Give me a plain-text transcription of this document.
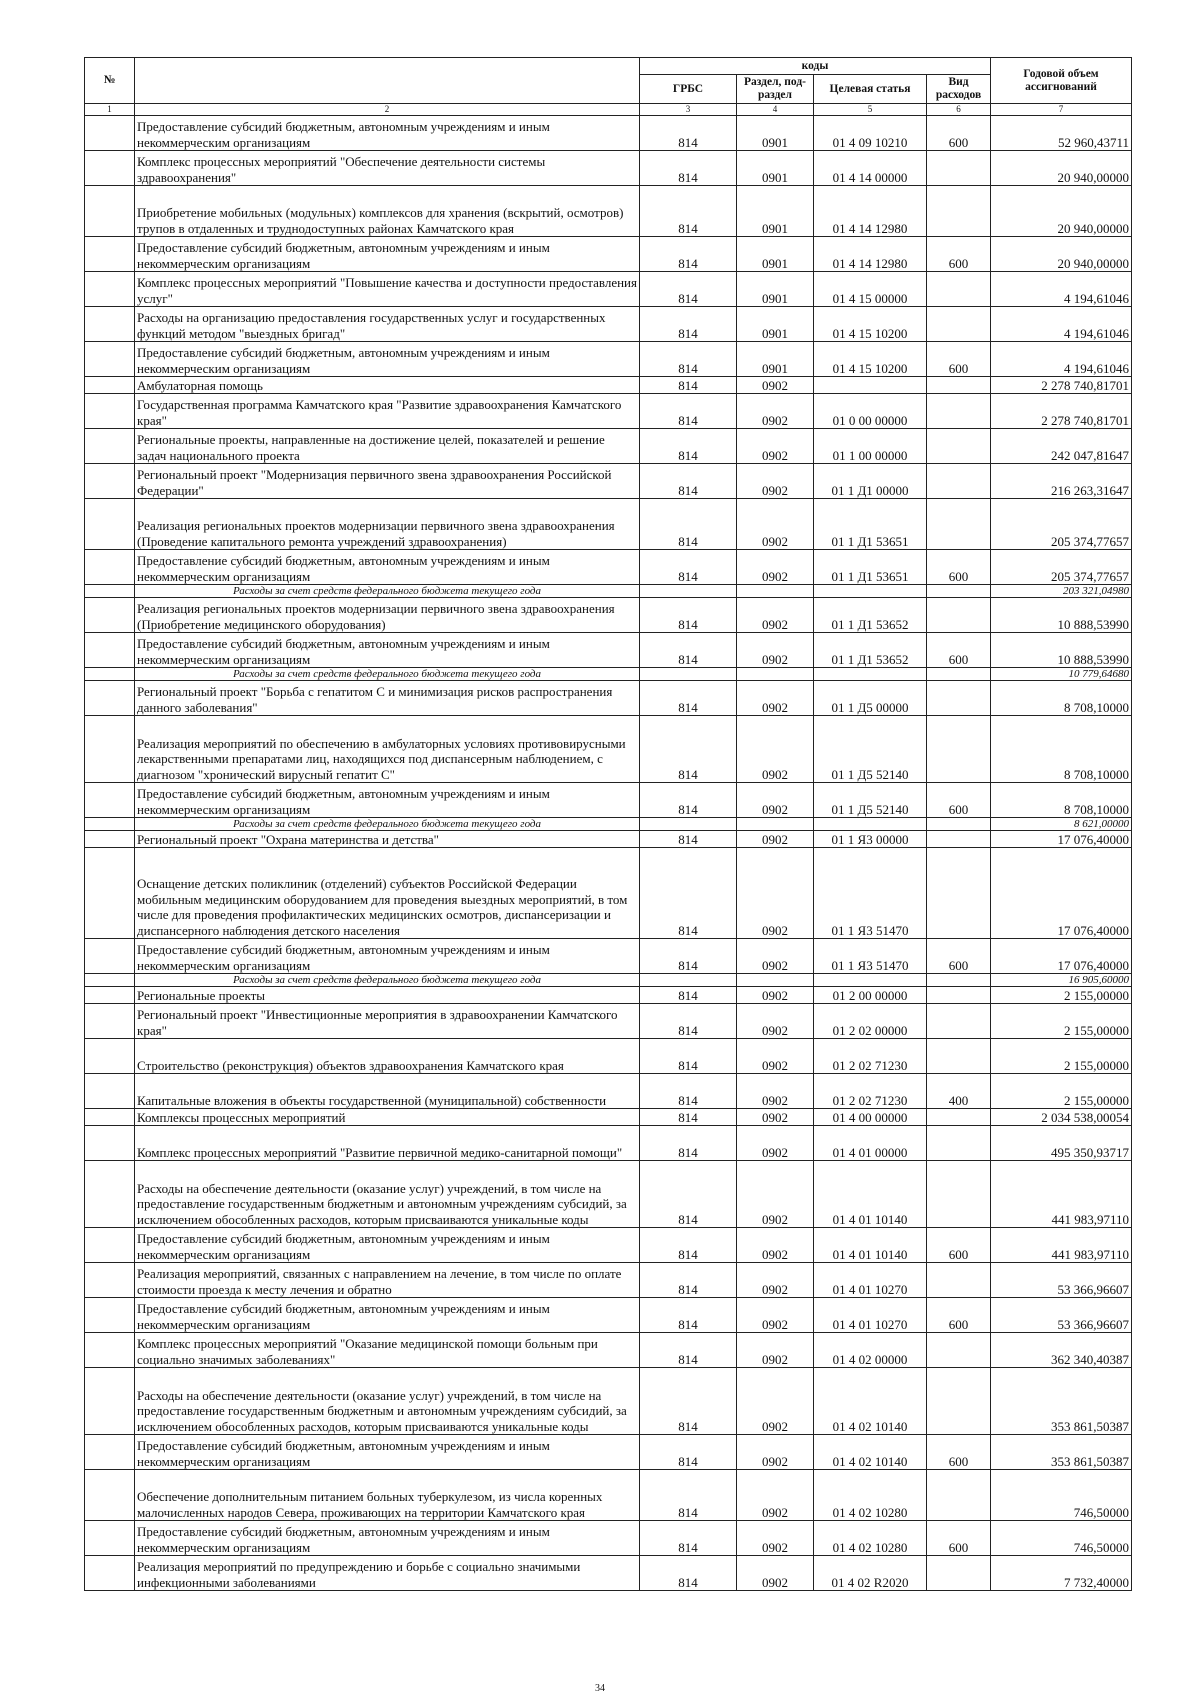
№		коды				Годовой объем ассигнований
		ГРБС	Раздел, под-раздел	Целевая статья	Вид расходов	
1	2	3	4	5	6	7
	Предоставление субсидий бюджетным, автономным учреждениям и иным некоммерческим организациям	814	0901	01 4 09 10210	600	52 960,43711
	Комплекс процессных мероприятий "Обеспечение деятельности системы здравоохранения"	814	0901	01 4 14 00000		20 940,00000
	Приобретение мобильных (модульных) комплексов для хранения (вскрытий, осмотров) трупов в отдаленных и труднодоступных районах Камчатского края	814	0901	01 4 14 12980		20 940,00000
	Предоставление субсидий бюджетным, автономным учреждениям и иным некоммерческим организациям	814	0901	01 4 14 12980	600	20 940,00000
	Комплекс процессных мероприятий "Повышение качества и доступности предоставления услуг"	814	0901	01 4 15 00000		4 194,61046
	Расходы на организацию предоставления государственных услуг и государственных функций методом "выездных бригад"	814	0901	01 4 15 10200		4 194,61046
	Предоставление субсидий бюджетным, автономным учреждениям и иным некоммерческим организациям	814	0901	01 4 15 10200	600	4 194,61046
	Амбулаторная помощь	814	0902			2 278 740,81701
	Государственная программа Камчатского края "Развитие здравоохранения Камчатского края"	814	0902	01 0 00 00000		2 278 740,81701
	Региональные проекты, направленные на достижение целей, показателей и решение задач национального проекта	814	0902	01 1 00 00000		242 047,81647
	Региональный проект "Модернизация первичного звена здравоохранения Российской Федерации"	814	0902	01 1 Д1 00000		216 263,31647
	Реализация региональных проектов модернизации первичного звена здравоохранения (Проведение капитального ремонта учреждений здравоохранения)	814	0902	01 1 Д1 53651		205 374,77657
	Предоставление субсидий бюджетным, автономным учреждениям и иным некоммерческим организациям	814	0902	01 1 Д1 53651	600	205 374,77657
	Расходы за счет средств федерального бюджета текущего года					203 321,04980
	Реализация региональных проектов модернизации первичного звена здравоохранения (Приобретение медицинского оборудования)	814	0902	01 1 Д1 53652		10 888,53990
	Предоставление субсидий бюджетным, автономным учреждениям и иным некоммерческим организациям	814	0902	01 1 Д1 53652	600	10 888,53990
	Расходы за счет средств федерального бюджета текущего года					10 779,64680
	Региональный проект "Борьба с гепатитом С и минимизация рисков распространения данного заболевания"	814	0902	01 1 Д5 00000		8 708,10000
	Реализация мероприятий по обеспечению в амбулаторных условиях противовирусными лекарственными препаратами лиц, находящихся под диспансерным наблюдением, с диагнозом "хронический вирусный гепатит С"	814	0902	01 1 Д5 52140		8 708,10000
	Предоставление субсидий бюджетным, автономным учреждениям и иным некоммерческим организациям	814	0902	01 1 Д5 52140	600	8 708,10000
	Расходы за счет средств федерального бюджета текущего года					8 621,00000
	Региональный проект "Охрана материнства и детства"	814	0902	01 1 Я3 00000		17 076,40000
	Оснащение детских поликлиник (отделений) субъектов Российской Федерации мобильным медицинским оборудованием для проведения выездных мероприятий, в том числе для проведения профилактических медицинских осмотров, диспансеризации и диспансерного наблюдения детского населения	814	0902	01 1 Я3 51470		17 076,40000
	Предоставление субсидий бюджетным, автономным учреждениям и иным некоммерческим организациям	814	0902	01 1 Я3 51470	600	17 076,40000
	Расходы за счет средств федерального бюджета текущего года					16 905,60000
	Региональные проекты	814	0902	01 2 00 00000		2 155,00000
	Региональный проект "Инвестиционные мероприятия в здравоохранении Камчатского края"	814	0902	01 2 02 00000		2 155,00000
	Строительство (реконструкция) объектов здравоохранения Камчатского края	814	0902	01 2 02 71230		2 155,00000
	Капитальные вложения в объекты государственной (муниципальной) собственности	814	0902	01 2 02 71230	400	2 155,00000
	Комплексы процессных мероприятий	814	0902	01 4 00 00000		2 034 538,00054
	Комплекс процессных мероприятий "Развитие первичной медико-санитарной помощи"	814	0902	01 4 01 00000		495 350,93717
	Расходы на обеспечение деятельности (оказание услуг) учреждений, в том числе на предоставление государственным бюджетным и автономным учреждениям субсидий, за исключением обособленных расходов, которым присваиваются уникальные коды	814	0902	01 4 01 10140		441 983,97110
	Предоставление субсидий бюджетным, автономным учреждениям и иным некоммерческим организациям	814	0902	01 4 01 10140	600	441 983,97110
	Реализация мероприятий, связанных с направлением на лечение, в том числе по оплате стоимости проезда к месту лечения и обратно	814	0902	01 4 01 10270		53 366,96607
	Предоставление субсидий бюджетным, автономным учреждениям и иным некоммерческим организациям	814	0902	01 4 01 10270	600	53 366,96607
	Комплекс процессных мероприятий "Оказание медицинской помощи больным при социально значимых заболеваниях"	814	0902	01 4 02 00000		362 340,40387
	Расходы на обеспечение деятельности (оказание услуг) учреждений, в том числе на предоставление государственным бюджетным и автономным учреждениям субсидий, за исключением обособленных расходов, которым присваиваются уникальные коды	814	0902	01 4 02 10140		353 861,50387
	Предоставление субсидий бюджетным, автономным учреждениям и иным некоммерческим организациям	814	0902	01 4 02 10140	600	353 861,50387
	Обеспечение дополнительным питанием больных туберкулезом, из числа коренных малочисленных народов Севера, проживающих на территории Камчатского края	814	0902	01 4 02 10280		746,50000
	Предоставление субсидий бюджетным, автономным учреждениям и иным некоммерческим организациям	814	0902	01 4 02 10280	600	746,50000
	Реализация мероприятий по предупреждению и борьбе с социально значимыми инфекционными заболеваниями	814	0902	01 4 02 R2020		7 732,40000
34
